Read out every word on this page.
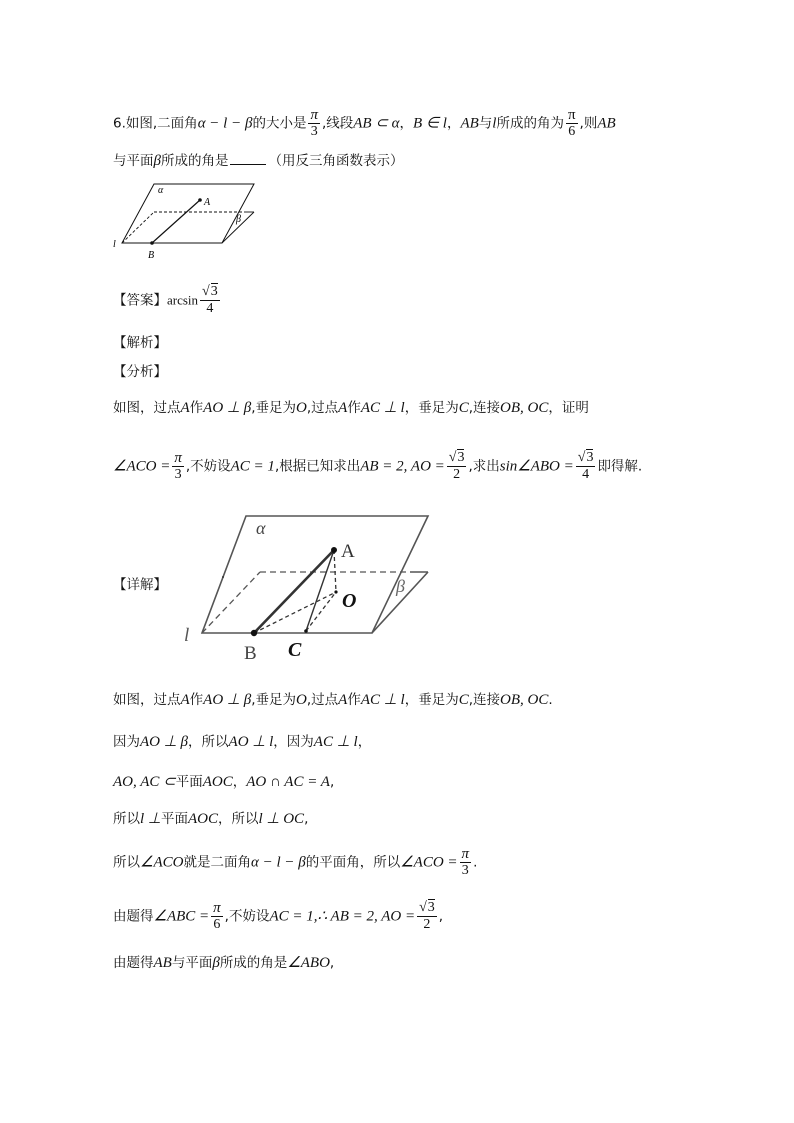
6.如图,二面角α − l − β的大小是 $\frac{\pi}{3}$ ,线段AB ⊂ α，B ∈ l，AB与l所成的角为 $\frac{\pi}{6}$ ,则AB
与平面β所成的角是	（用反三角函数表示）
α
β
A
l
B
【答案】$\arcsin \frac{√3}{4}$
【解析】
【分析】
如图，过点A作AO ⊥ β,垂足为O,过点A作AC ⊥ l，垂足为C,连接OB, OC，证明
∠ACO = $\frac{\pi}{3}$ ,不妨设AC = 1,根据已知求出AB = 2, AO = $\frac{√3}{2}$ ,求出sin∠ABO = $\frac{√3}{4}$ 即得解.
【详解】
α
β
A
O
C
l
B
如图，过点A作AO ⊥ β,垂足为O,过点A作AC ⊥ l，垂足为C,连接OB, OC.
因为AO ⊥ β，所以AO ⊥ l，因为AC ⊥ l，
AO, AC ⊂平面AOC，AO ∩ AC = A,
所以l ⊥平面AOC，所以l ⊥ OC,
所以∠ACO就是二面角α − l − β的平面角，所以∠ACO = $\frac{\pi}{3}$ .
由题得∠ABC = $\frac{\pi}{6}$ ,不妨设AC = 1,∴ AB = 2, AO = $\frac{√3}{2}$ ,
由题得AB与平面β所成的角是∠ABO,
